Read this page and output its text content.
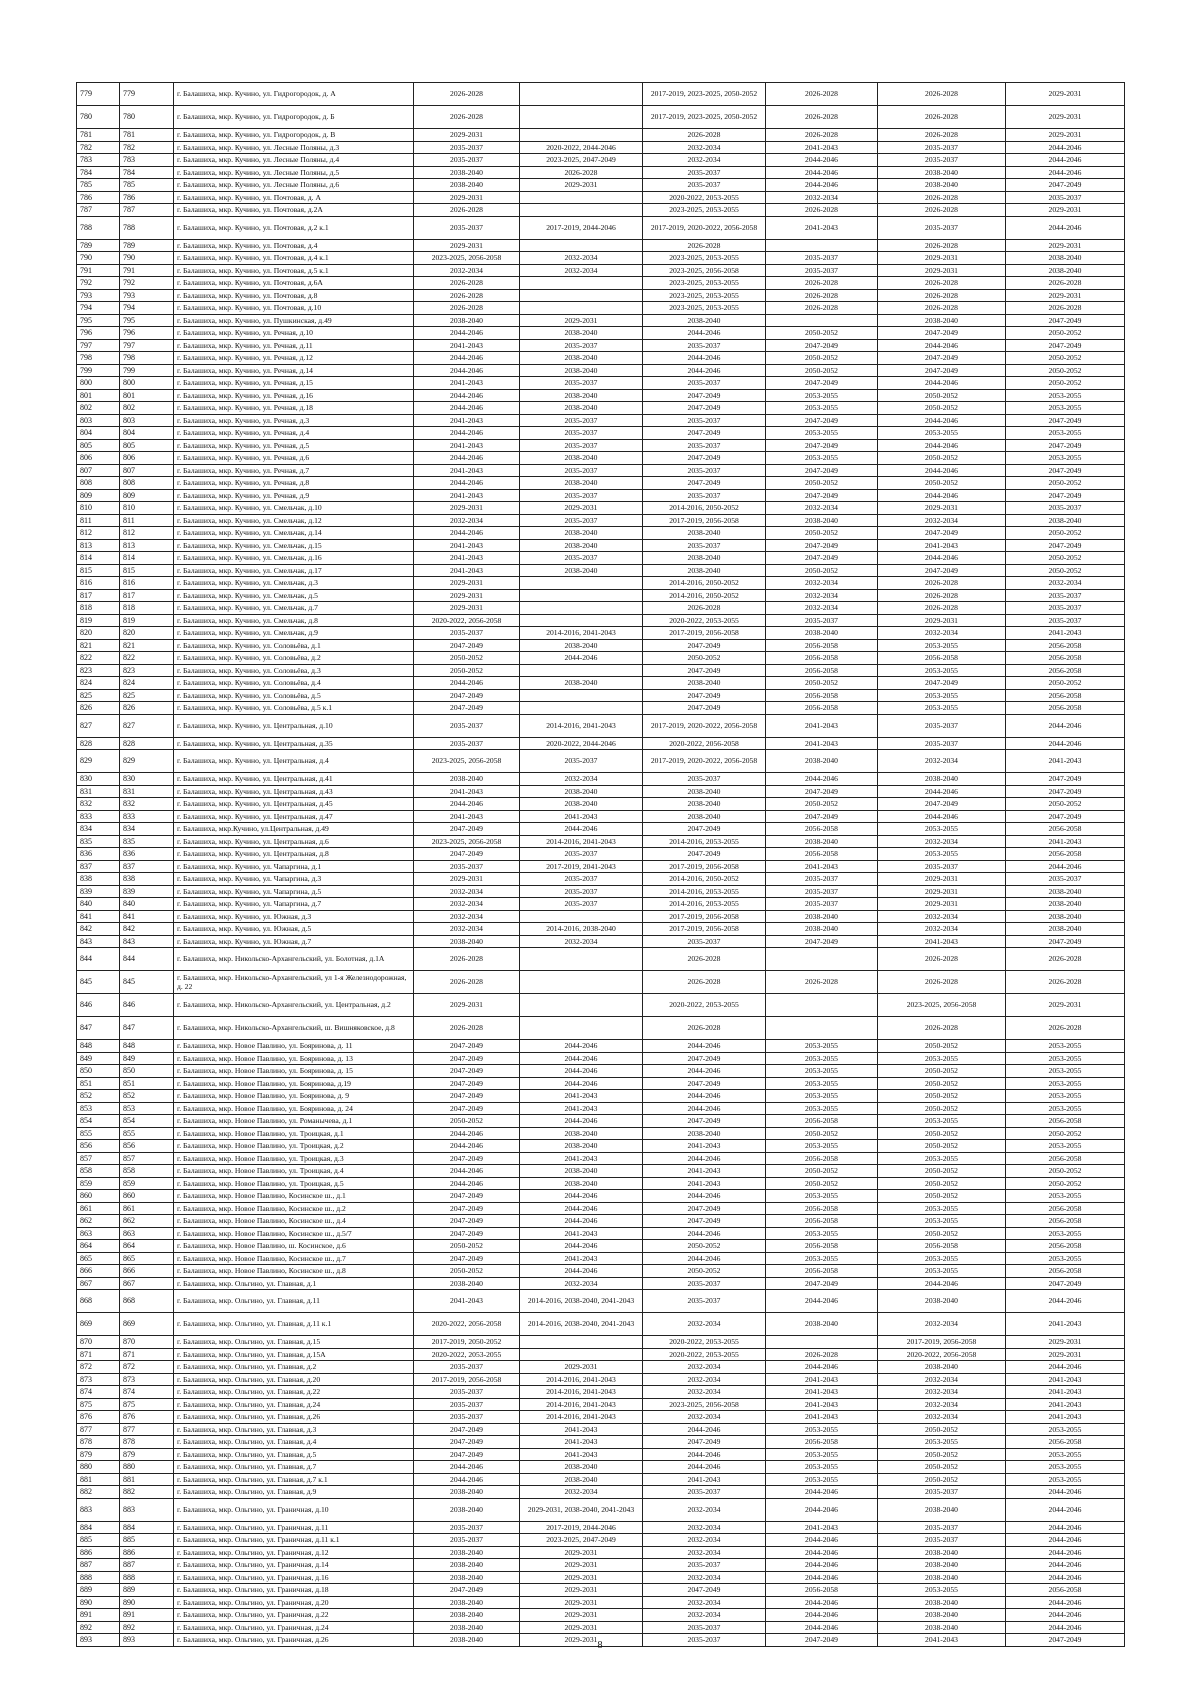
779	779	г. Балашиха, мкр. Кучино, ул. Гидрогородок, д. А	2026-2028		2017-2019, 2023-2025, 2050-2052	2026-2028	2026-2028	2029-2031
780	780	г. Балашиха, мкр. Кучино, ул. Гидрогородок, д. Б	2026-2028		2017-2019, 2023-2025, 2050-2052	2026-2028	2026-2028	2029-2031
781	781	г. Балашиха, мкр. Кучино, ул. Гидрогородок, д. В	2029-2031		2026-2028	2026-2028	2026-2028	2029-2031
782	782	г. Балашиха, мкр. Кучино, ул. Лесные Поляны, д.3	2035-2037	2020-2022, 2044-2046	2032-2034	2041-2043	2035-2037	2044-2046
783	783	г. Балашиха, мкр. Кучино, ул. Лесные Поляны, д.4	2035-2037	2023-2025, 2047-2049	2032-2034	2044-2046	2035-2037	2044-2046
784	784	г. Балашиха, мкр. Кучино, ул. Лесные Поляны, д.5	2038-2040	2026-2028	2035-2037	2044-2046	2038-2040	2044-2046
785	785	г. Балашиха, мкр. Кучино, ул. Лесные Поляны, д.6	2038-2040	2029-2031	2035-2037	2044-2046	2038-2040	2047-2049
786	786	г. Балашиха, мкр. Кучино, ул. Почтовая, д. А	2029-2031		2020-2022, 2053-2055	2032-2034	2026-2028	2035-2037
787	787	г. Балашиха, мкр. Кучино, ул. Почтовая, д.2А	2026-2028		2023-2025, 2053-2055	2026-2028	2026-2028	2029-2031
788	788	г. Балашиха, мкр. Кучино, ул. Почтовая, д.2 к.1	2035-2037	2017-2019, 2044-2046	2017-2019, 2020-2022, 2056-2058	2041-2043	2035-2037	2044-2046
789	789	г. Балашиха, мкр. Кучино, ул. Почтовая, д.4	2029-2031		2026-2028		2026-2028	2029-2031
790	790	г. Балашиха, мкр. Кучино, ул. Почтовая, д.4 к.1	2023-2025, 2056-2058	2032-2034	2023-2025, 2053-2055	2035-2037	2029-2031	2038-2040
791	791	г. Балашиха, мкр. Кучино, ул. Почтовая, д.5 к.1	2032-2034	2032-2034	2023-2025, 2056-2058	2035-2037	2029-2031	2038-2040
792	792	г. Балашиха, мкр. Кучино, ул. Почтовая, д.6А	2026-2028		2023-2025, 2053-2055	2026-2028	2026-2028	2026-2028
793	793	г. Балашиха, мкр. Кучино, ул. Почтовая, д.8	2026-2028		2023-2025, 2053-2055	2026-2028	2026-2028	2029-2031
794	794	г. Балашиха, мкр. Кучино, ул. Почтовая, д.10	2026-2028		2023-2025, 2053-2055	2026-2028	2026-2028	2026-2028
795	795	г. Балашиха, мкр. Кучино, ул. Пушкинская, д.49	2038-2040	2029-2031	2038-2040		2038-2040	2047-2049
796	796	г. Балашиха, мкр. Кучино, ул. Речная, д.10	2044-2046	2038-2040	2044-2046	2050-2052	2047-2049	2050-2052
797	797	г. Балашиха, мкр. Кучино, ул. Речная, д.11	2041-2043	2035-2037	2035-2037	2047-2049	2044-2046	2047-2049
798	798	г. Балашиха, мкр. Кучино, ул. Речная, д.12	2044-2046	2038-2040	2044-2046	2050-2052	2047-2049	2050-2052
799	799	г. Балашиха, мкр. Кучино, ул. Речная, д.14	2044-2046	2038-2040	2044-2046	2050-2052	2047-2049	2050-2052
800	800	г. Балашиха, мкр. Кучино, ул. Речная, д.15	2041-2043	2035-2037	2035-2037	2047-2049	2044-2046	2050-2052
801	801	г. Балашиха, мкр. Кучино, ул. Речная, д.16	2044-2046	2038-2040	2047-2049	2053-2055	2050-2052	2053-2055
802	802	г. Балашиха, мкр. Кучино, ул. Речная, д.18	2044-2046	2038-2040	2047-2049	2053-2055	2050-2052	2053-2055
803	803	г. Балашиха, мкр. Кучино, ул. Речная, д.3	2041-2043	2035-2037	2035-2037	2047-2049	2044-2046	2047-2049
804	804	г. Балашиха, мкр. Кучино, ул. Речная, д.4	2044-2046	2035-2037	2047-2049	2053-2055	2053-2055	2053-2055
805	805	г. Балашиха, мкр. Кучино, ул. Речная, д.5	2041-2043	2035-2037	2035-2037	2047-2049	2044-2046	2047-2049
806	806	г. Балашиха, мкр. Кучино, ул. Речная, д.6	2044-2046	2038-2040	2047-2049	2053-2055	2050-2052	2053-2055
807	807	г. Балашиха, мкр. Кучино, ул. Речная, д.7	2041-2043	2035-2037	2035-2037	2047-2049	2044-2046	2047-2049
808	808	г. Балашиха, мкр. Кучино, ул. Речная, д.8	2044-2046	2038-2040	2047-2049	2050-2052	2050-2052	2050-2052
809	809	г. Балашиха, мкр. Кучино, ул. Речная, д.9	2041-2043	2035-2037	2035-2037	2047-2049	2044-2046	2047-2049
810	810	г. Балашиха, мкр. Кучино, ул. Смельчак, д.10	2029-2031	2029-2031	2014-2016, 2050-2052	2032-2034	2029-2031	2035-2037
811	811	г. Балашиха, мкр. Кучино, ул. Смельчак, д.12	2032-2034	2035-2037	2017-2019, 2056-2058	2038-2040	2032-2034	2038-2040
812	812	г. Балашиха, мкр. Кучино, ул. Смельчак, д.14	2044-2046	2038-2040	2038-2040	2050-2052	2047-2049	2050-2052
813	813	г. Балашиха, мкр. Кучино, ул. Смельчак, д.15	2041-2043	2038-2040	2035-2037	2047-2049	2041-2043	2047-2049
814	814	г. Балашиха, мкр. Кучино, ул. Смельчак, д.16	2041-2043	2035-2037	2038-2040	2047-2049	2044-2046	2050-2052
815	815	г. Балашиха, мкр. Кучино, ул. Смельчак, д.17	2041-2043	2038-2040	2038-2040	2050-2052	2047-2049	2050-2052
816	816	г. Балашиха, мкр. Кучино, ул. Смельчак, д.3	2029-2031		2014-2016, 2050-2052	2032-2034	2026-2028	2032-2034
817	817	г. Балашиха, мкр. Кучино, ул. Смельчак, д.5	2029-2031		2014-2016, 2050-2052	2032-2034	2026-2028	2035-2037
818	818	г. Балашиха, мкр. Кучино, ул. Смельчак, д.7	2029-2031		2026-2028	2032-2034	2026-2028	2035-2037
819	819	г. Балашиха, мкр. Кучино, ул. Смельчак, д.8	2020-2022, 2056-2058		2020-2022, 2053-2055	2035-2037	2029-2031	2035-2037
820	820	г. Балашиха, мкр. Кучино, ул. Смельчак, д.9	2035-2037	2014-2016, 2041-2043	2017-2019, 2056-2058	2038-2040	2032-2034	2041-2043
821	821	г. Балашиха, мкр. Кучино, ул. Соловьёва, д.1	2047-2049	2038-2040	2047-2049	2056-2058	2053-2055	2056-2058
822	822	г. Балашиха, мкр. Кучино, ул. Соловьёва, д.2	2050-2052	2044-2046	2050-2052	2056-2058	2056-2058	2056-2058
823	823	г. Балашиха, мкр. Кучино, ул. Соловьёва, д.3	2050-2052		2047-2049	2056-2058	2053-2055	2056-2058
824	824	г. Балашиха, мкр. Кучино, ул. Соловьёва, д.4	2044-2046	2038-2040	2038-2040	2050-2052	2047-2049	2050-2052
825	825	г. Балашиха, мкр. Кучино, ул. Соловьёва, д.5	2047-2049		2047-2049	2056-2058	2053-2055	2056-2058
826	826	г. Балашиха, мкр. Кучино, ул. Соловьёва, д.5 к.1	2047-2049		2047-2049	2056-2058	2053-2055	2056-2058
827	827	г. Балашиха, мкр. Кучино, ул. Центральная, д.10	2035-2037	2014-2016, 2041-2043	2017-2019, 2020-2022, 2056-2058	2041-2043	2035-2037	2044-2046
828	828	г. Балашиха, мкр. Кучино, ул. Центральная, д.35	2035-2037	2020-2022, 2044-2046	2020-2022, 2056-2058	2041-2043	2035-2037	2044-2046
829	829	г. Балашиха, мкр. Кучино, ул. Центральная, д.4	2023-2025, 2056-2058	2035-2037	2017-2019, 2020-2022, 2056-2058	2038-2040	2032-2034	2041-2043
830	830	г. Балашиха, мкр. Кучино, ул. Центральная, д.41	2038-2040	2032-2034	2035-2037	2044-2046	2038-2040	2047-2049
831	831	г. Балашиха, мкр. Кучино, ул. Центральная, д.43	2041-2043	2038-2040	2038-2040	2047-2049	2044-2046	2047-2049
832	832	г. Балашиха, мкр. Кучино, ул. Центральная, д.45	2044-2046	2038-2040	2038-2040	2050-2052	2047-2049	2050-2052
833	833	г. Балашиха, мкр. Кучино, ул. Центральная, д.47	2041-2043	2041-2043	2038-2040	2047-2049	2044-2046	2047-2049
834	834	г. Балашиха, мкр.Кучино, ул.Центральная, д.49	2047-2049	2044-2046	2047-2049	2056-2058	2053-2055	2056-2058
835	835	г. Балашиха, мкр. Кучино, ул. Центральная, д.6	2023-2025, 2056-2058	2014-2016, 2041-2043	2014-2016, 2053-2055	2038-2040	2032-2034	2041-2043
836	836	г. Балашиха, мкр. Кучино, ул. Центральная, д.8	2047-2049	2035-2037	2047-2049	2056-2058	2053-2055	2056-2058
837	837	г. Балашиха, мкр. Кучино, ул. Чапаргина, д.1	2035-2037	2017-2019, 2041-2043	2017-2019, 2056-2058	2041-2043	2035-2037	2044-2046
838	838	г. Балашиха, мкр. Кучино, ул. Чапаргина, д.3	2029-2031	2035-2037	2014-2016, 2050-2052	2035-2037	2029-2031	2035-2037
839	839	г. Балашиха, мкр. Кучино, ул. Чапаргина, д.5	2032-2034	2035-2037	2014-2016, 2053-2055	2035-2037	2029-2031	2038-2040
840	840	г. Балашиха, мкр. Кучино, ул. Чапаргина, д.7	2032-2034	2035-2037	2014-2016, 2053-2055	2035-2037	2029-2031	2038-2040
841	841	г. Балашиха, мкр. Кучино, ул. Южная, д.3	2032-2034		2017-2019, 2056-2058	2038-2040	2032-2034	2038-2040
842	842	г. Балашиха, мкр. Кучино, ул. Южная, д.5	2032-2034	2014-2016, 2038-2040	2017-2019, 2056-2058	2038-2040	2032-2034	2038-2040
843	843	г. Балашиха, мкр. Кучино, ул. Южная, д.7	2038-2040	2032-2034	2035-2037	2047-2049	2041-2043	2047-2049
844	844	г. Балашиха, мкр. Никольско-Архангельский, ул. Болотная, д.1А	2026-2028		2026-2028		2026-2028	2026-2028
845	845	г. Балашиха, мкр. Никольско-Архангельский, ул 1-я Железнодорожная, д. 22	2026-2028		2026-2028	2026-2028	2026-2028	2026-2028
846	846	г. Балашиха, мкр. Никольско-Архангельский, ул. Центральная, д.2	2029-2031		2020-2022, 2053-2055		2023-2025, 2056-2058	2029-2031
847	847	г. Балашиха, мкр. Никольско-Архангельский, ш. Вишняковское, д.8	2026-2028		2026-2028		2026-2028	2026-2028
848	848	г. Балашиха, мкр. Новое Павлино, ул. Бояринова, д. 11	2047-2049	2044-2046	2044-2046	2053-2055	2050-2052	2053-2055
849	849	г. Балашиха, мкр. Новое Павлино, ул. Бояринова, д. 13	2047-2049	2044-2046	2047-2049	2053-2055	2053-2055	2053-2055
850	850	г. Балашиха, мкр. Новое Павлино, ул. Бояринова, д. 15	2047-2049	2044-2046	2044-2046	2053-2055	2050-2052	2053-2055
851	851	г. Балашиха, мкр. Новое Павлино, ул. Бояринова, д.19	2047-2049	2044-2046	2047-2049	2053-2055	2050-2052	2053-2055
852	852	г. Балашиха, мкр. Новое Павлино, ул. Бояринова, д. 9	2047-2049	2041-2043	2044-2046	2053-2055	2050-2052	2053-2055
853	853	г. Балашиха, мкр. Новое Павлино, ул. Бояринова, д. 24	2047-2049	2041-2043	2044-2046	2053-2055	2050-2052	2053-2055
854	854	г. Балашиха, мкр. Новое Павлино, ул. Романычева, д.1	2050-2052	2044-2046	2047-2049	2056-2058	2053-2055	2056-2058
855	855	г. Балашиха, мкр. Новое Павлино, ул. Троицкая, д.1	2044-2046	2038-2040	2038-2040	2050-2052	2050-2052	2050-2052
856	856	г. Балашиха, мкр. Новое Павлино, ул. Троицкая, д.2	2044-2046	2038-2040	2041-2043	2053-2055	2050-2052	2053-2055
857	857	г. Балашиха, мкр. Новое Павлино, ул. Троицкая, д.3	2047-2049	2041-2043	2044-2046	2056-2058	2053-2055	2056-2058
858	858	г. Балашиха, мкр. Новое Павлино, ул. Троицкая, д.4	2044-2046	2038-2040	2041-2043	2050-2052	2050-2052	2050-2052
859	859	г. Балашиха, мкр. Новое Павлино, ул. Троицкая, д.5	2044-2046	2038-2040	2041-2043	2050-2052	2050-2052	2050-2052
860	860	г. Балашиха, мкр. Новое Павлино, Косинское ш., д.1	2047-2049	2044-2046	2044-2046	2053-2055	2050-2052	2053-2055
861	861	г. Балашиха, мкр. Новое Павлино, Косинское ш., д.2	2047-2049	2044-2046	2047-2049	2056-2058	2053-2055	2056-2058
862	862	г. Балашиха, мкр. Новое Павлино, Косинское ш., д.4	2047-2049	2044-2046	2047-2049	2056-2058	2053-2055	2056-2058
863	863	г. Балашиха, мкр. Новое Павлино, Косинское ш., д.5/7	2047-2049	2041-2043	2044-2046	2053-2055	2050-2052	2053-2055
864	864	г. Балашиха, мкр. Новое Павлино, ш. Косинское, д.6	2050-2052	2044-2046	2050-2052	2056-2058	2056-2058	2056-2058
865	865	г. Балашиха, мкр. Новое Павлино, Косинское ш., д.7	2047-2049	2041-2043	2044-2046	2053-2055	2053-2055	2053-2055
866	866	г. Балашиха, мкр. Новое Павлино, Косинское ш., д.8	2050-2052	2044-2046	2050-2052	2056-2058	2053-2055	2056-2058
867	867	г. Балашиха, мкр. Ольгино, ул. Главная, д.1	2038-2040	2032-2034	2035-2037	2047-2049	2044-2046	2047-2049
868	868	г. Балашиха, мкр. Ольгино, ул. Главная, д.11	2041-2043	2014-2016, 2038-2040, 2041-2043	2035-2037	2044-2046	2038-2040	2044-2046
869	869	г. Балашиха, мкр. Ольгино, ул. Главная, д.11 к.1	2020-2022, 2056-2058	2014-2016, 2038-2040, 2041-2043	2032-2034	2038-2040	2032-2034	2041-2043
870	870	г. Балашиха, мкр. Ольгино, ул. Главная, д.15	2017-2019, 2050-2052		2020-2022, 2053-2055		2017-2019, 2056-2058	2029-2031
871	871	г. Балашиха, мкр. Ольгино, ул. Главная, д.15А	2020-2022, 2053-2055		2020-2022, 2053-2055	2026-2028	2020-2022, 2056-2058	2029-2031
872	872	г. Балашиха, мкр. Ольгино, ул. Главная, д.2	2035-2037	2029-2031	2032-2034	2044-2046	2038-2040	2044-2046
873	873	г. Балашиха, мкр. Ольгино, ул. Главная, д.20	2017-2019, 2056-2058	2014-2016, 2041-2043	2032-2034	2041-2043	2032-2034	2041-2043
874	874	г. Балашиха, мкр. Ольгино, ул. Главная, д.22	2035-2037	2014-2016, 2041-2043	2032-2034	2041-2043	2032-2034	2041-2043
875	875	г. Балашиха, мкр. Ольгино, ул. Главная, д.24	2035-2037	2014-2016, 2041-2043	2023-2025, 2056-2058	2041-2043	2032-2034	2041-2043
876	876	г. Балашиха, мкр. Ольгино, ул. Главная, д.26	2035-2037	2014-2016, 2041-2043	2032-2034	2041-2043	2032-2034	2041-2043
877	877	г. Балашиха, мкр. Ольгино, ул. Главная, д.3	2047-2049	2041-2043	2044-2046	2053-2055	2050-2052	2053-2055
878	878	г. Балашиха, мкр. Ольгино, ул. Главная, д.4	2047-2049	2041-2043	2047-2049	2056-2058	2053-2055	2056-2058
879	879	г. Балашиха, мкр. Ольгино, ул. Главная, д.5	2047-2049	2041-2043	2044-2046	2053-2055	2050-2052	2053-2055
880	880	г. Балашиха, мкр. Ольгино, ул. Главная, д.7	2044-2046	2038-2040	2044-2046	2053-2055	2050-2052	2053-2055
881	881	г. Балашиха, мкр. Ольгино, ул. Главная, д.7 к.1	2044-2046	2038-2040	2041-2043	2053-2055	2050-2052	2053-2055
882	882	г. Балашиха, мкр. Ольгино, ул. Главная, д.9	2038-2040	2032-2034	2035-2037	2044-2046	2035-2037	2044-2046
883	883	г. Балашиха, мкр. Ольгино, ул. Граничная, д.10	2038-2040	2029-2031, 2038-2040, 2041-2043	2032-2034	2044-2046	2038-2040	2044-2046
884	884	г. Балашиха, мкр. Ольгино, ул. Граничная, д.11	2035-2037	2017-2019, 2044-2046	2032-2034	2041-2043	2035-2037	2044-2046
885	885	г. Балашиха, мкр. Ольгино, ул. Граничная, д.11 к.1	2035-2037	2023-2025, 2047-2049	2032-2034	2044-2046	2035-2037	2044-2046
886	886	г. Балашиха, мкр. Ольгино, ул. Граничная, д.12	2038-2040	2029-2031	2032-2034	2044-2046	2038-2040	2044-2046
887	887	г. Балашиха, мкр. Ольгино, ул. Граничная, д.14	2038-2040	2029-2031	2035-2037	2044-2046	2038-2040	2044-2046
888	888	г. Балашиха, мкр. Ольгино, ул. Граничная, д.16	2038-2040	2029-2031	2032-2034	2044-2046	2038-2040	2044-2046
889	889	г. Балашиха, мкр. Ольгино, ул. Граничная, д.18	2047-2049	2029-2031	2047-2049	2056-2058	2053-2055	2056-2058
890	890	г. Балашиха, мкр. Ольгино, ул. Граничная, д.20	2038-2040	2029-2031	2032-2034	2044-2046	2038-2040	2044-2046
891	891	г. Балашиха, мкр. Ольгино, ул. Граничная, д.22	2038-2040	2029-2031	2032-2034	2044-2046	2038-2040	2044-2046
892	892	г. Балашиха, мкр. Ольгино, ул. Граничная, д.24	2038-2040	2029-2031	2035-2037	2044-2046	2038-2040	2044-2046
893	893	г. Балашиха, мкр. Ольгино, ул. Граничная, д.26	2038-2040	2029-2031	2035-2037	2047-2049	2041-2043	2047-2049
8
